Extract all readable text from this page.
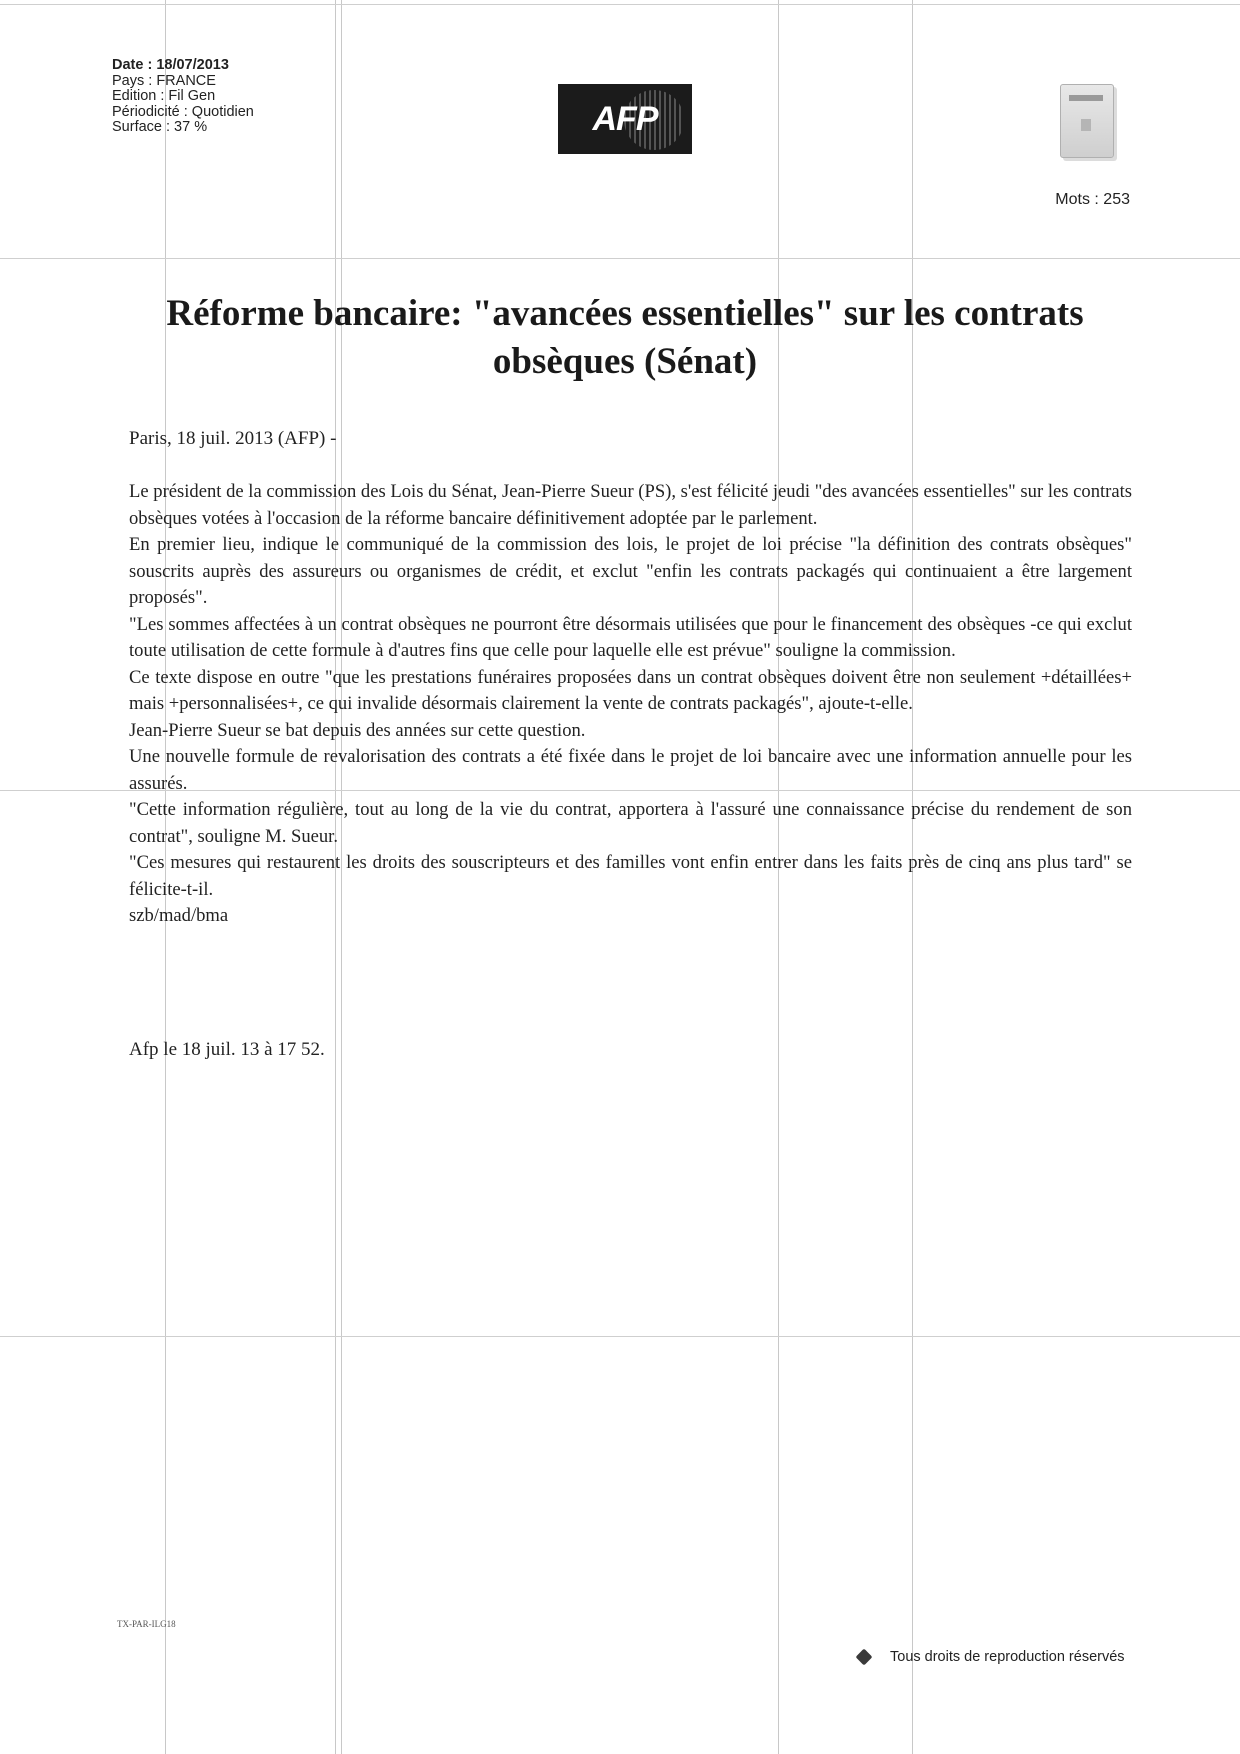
Date : 18/07/2013
Pays : FRANCE
Edition : Fil Gen
Périodicité : Quotidien
Surface : 37 %	AFP
Mots : 253
Réforme bancaire: "avancées essentielles" sur les contrats obsèques (Sénat)
Paris, 18 juil. 2013 (AFP) -

Le président de la commission des Lois du Sénat, Jean-Pierre Sueur (PS), s'est félicité jeudi "des avancées essentielles" sur les contrats obsèques votées à l'occasion de la réforme bancaire définitivement adoptée par le parlement.

En premier lieu, indique le communiqué de la commission des lois, le projet de loi précise "la définition des contrats obsèques" souscrits auprès des assureurs ou organismes de crédit, et exclut "enfin les contrats packagés qui continuaient a être largement proposés".

"Les sommes affectées à un contrat obsèques ne pourront être désormais utilisées que pour le financement des obsèques -ce qui exclut toute utilisation de cette formule à d'autres fins que celle pour laquelle elle est prévue" souligne la commission.

Ce texte dispose en outre "que les prestations funéraires proposées dans un contrat obsèques doivent être non seulement +détaillées+ mais +personnalisées+, ce qui invalide désormais clairement la vente de contrats packagés", ajoute-t-elle.

Jean-Pierre Sueur se bat depuis des années sur cette question.

Une nouvelle formule de revalorisation des contrats a été fixée dans le projet de loi bancaire avec une information annuelle pour les assurés.

"Cette information régulière, tout au long de la vie du contrat, apportera à l'assuré une connaissance précise du rendement de son contrat", souligne M. Sueur.

"Ces mesures qui restaurent les droits des souscripteurs et des familles vont enfin entrer dans les faits près de cinq ans plus tard" se félicite-t-il.

szb/mad/bma

Afp le 18 juil. 13 à 17 52.
TX-PAR-ILG18
Tous droits de reproduction réservés
